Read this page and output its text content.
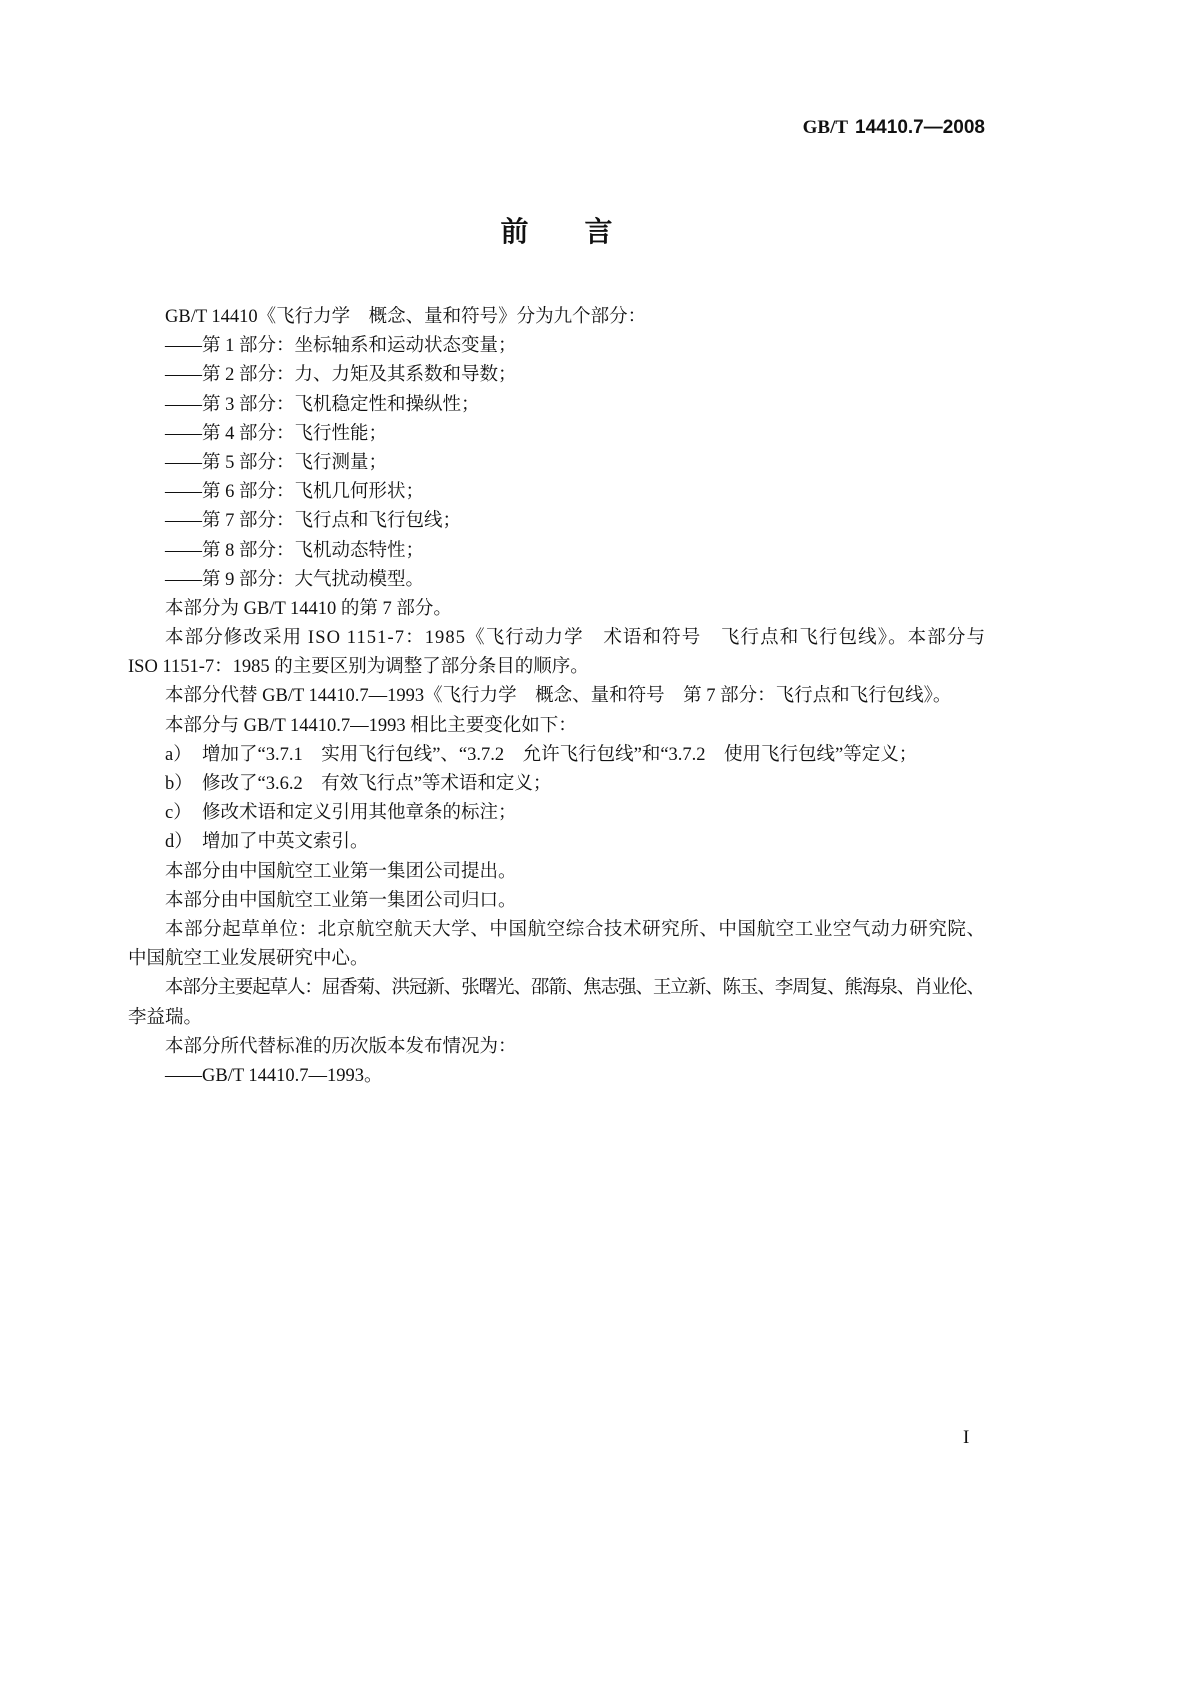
GB/T 14410.7—2008
前　言
GB/T 14410《飞行力学　概念、量和符号》分为九个部分：
——第 1 部分：坐标轴系和运动状态变量；
——第 2 部分：力、力矩及其系数和导数；
——第 3 部分：飞机稳定性和操纵性；
——第 4 部分：飞行性能；
——第 5 部分：飞行测量；
——第 6 部分：飞机几何形状；
——第 7 部分：飞行点和飞行包线；
——第 8 部分：飞机动态特性；
——第 9 部分：大气扰动模型。
本部分为 GB/T 14410 的第 7 部分。
本部分修改采用 ISO 1151-7：1985《飞行动力学　术语和符号　飞行点和飞行包线》。本部分与
ISO 1151-7：1985 的主要区别为调整了部分条目的顺序。
本部分代替 GB/T 14410.7—1993《飞行力学　概念、量和符号　第 7 部分：飞行点和飞行包线》。
本部分与 GB/T 14410.7—1993 相比主要变化如下：
a） 增加了“3.7.1　实用飞行包线”、“3.7.2　允许飞行包线”和“3.7.2　使用飞行包线”等定义；
b） 修改了“3.6.2　有效飞行点”等术语和定义；
c） 修改术语和定义引用其他章条的标注；
d） 增加了中英文索引。
本部分由中国航空工业第一集团公司提出。
本部分由中国航空工业第一集团公司归口。
本部分起草单位：北京航空航天大学、中国航空综合技术研究所、中国航空工业空气动力研究院、
中国航空工业发展研究中心。
本部分主要起草人：屈香菊、洪冠新、张曙光、邵箭、焦志强、王立新、陈玉、李周复、熊海泉、肖业伦、
李益瑞。
本部分所代替标准的历次版本发布情况为：
——GB/T 14410.7—1993。
I
